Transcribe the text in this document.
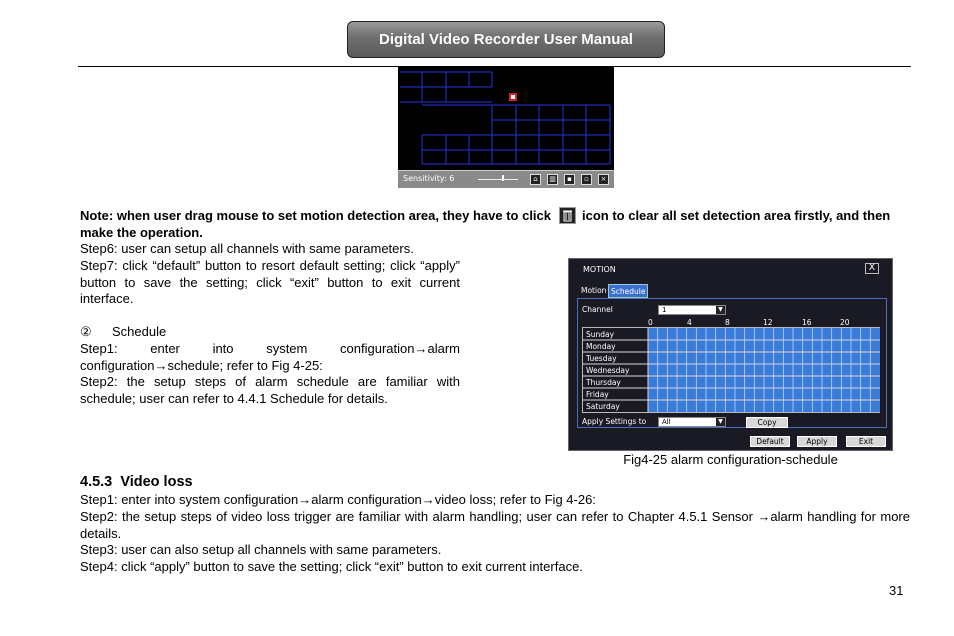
Digital Video Recorder User Manual
Sensitivity: 6	⌂	▥	▪	▫	×
Note: when user drag mouse to set motion detection area, they have to click icon to clear all set detection area firstly, and then make the operation.
Step6: user can setup all channels with same parameters.
Step7: click “default” button to resort default setting; click “apply” button to save the setting; click “exit” button to exit current interface.
② Schedule
Step1: enter into system configuration→alarm configuration→schedule; refer to Fig 4-25:
Step2: the setup steps of alarm schedule are familiar with schedule; user can refer to 4.4.1 Schedule for details.
MOTION	X
Motion Schedule
Channel	1	▼
0	4	8	12	16	20
Sunday
Monday
Tuesday
Wednesday
Thursday
Friday
Saturday
Apply Settings to	All	▼	Copy
Default	Apply	Exit
Fig4-25 alarm configuration-schedule
4.5.3 Video loss
Step1: enter into system configuration→alarm configuration→video loss; refer to Fig 4-26:
Step2: the setup steps of video loss trigger are familiar with alarm handling; user can refer to Chapter 4.5.1 Sensor →alarm handling for more details.
Step3: user can also setup all channels with same parameters.
Step4: click “apply” button to save the setting; click “exit” button to exit current interface.
31
